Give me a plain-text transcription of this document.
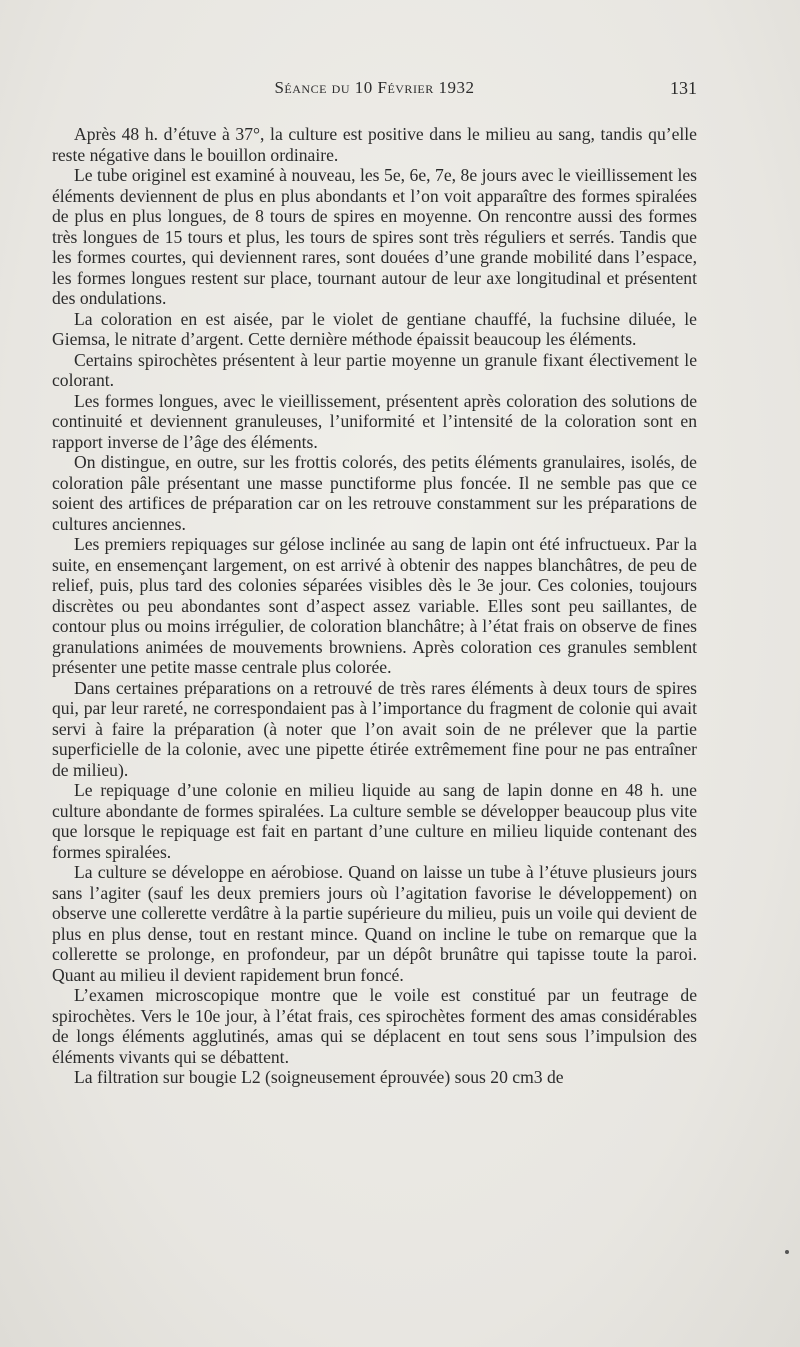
Séance du 10 Février 1932	131

Après 48 h. d’étuve à 37°, la culture est positive dans le milieu au sang, tandis qu’elle reste négative dans le bouillon ordinaire.

Le tube originel est examiné à nouveau, les 5e, 6e, 7e, 8e jours avec le vieillissement les éléments deviennent de plus en plus abondants et l’on voit apparaître des formes spiralées de plus en plus longues, de 8 tours de spires en moyenne. On rencontre aussi des formes très longues de 15 tours et plus, les tours de spires sont très réguliers et serrés. Tandis que les formes courtes, qui deviennent rares, sont douées d’une grande mobilité dans l’espace, les formes longues restent sur place, tournant autour de leur axe longitudinal et présentent des ondulations.

La coloration en est aisée, par le violet de gentiane chauffé, la fuchsine diluée, le Giemsa, le nitrate d’argent. Cette dernière méthode épaissit beaucoup les éléments.

Certains spirochètes présentent à leur partie moyenne un granule fixant électivement le colorant.

Les formes longues, avec le vieillissement, présentent après coloration des solutions de continuité et deviennent granuleuses, l’uniformité et l’intensité de la coloration sont en rapport inverse de l’âge des éléments.

On distingue, en outre, sur les frottis colorés, des petits éléments granulaires, isolés, de coloration pâle présentant une masse punctiforme plus foncée. Il ne semble pas que ce soient des artifices de préparation car on les retrouve constamment sur les préparations de cultures anciennes.

Les premiers repiquages sur gélose inclinée au sang de lapin ont été infructueux. Par la suite, en ensemençant largement, on est arrivé à obtenir des nappes blanchâtres, de peu de relief, puis, plus tard des colonies séparées visibles dès le 3e jour. Ces colonies, toujours discrètes ou peu abondantes sont d’aspect assez variable. Elles sont peu saillantes, de contour plus ou moins irrégulier, de coloration blanchâtre; à l’état frais on observe de fines granulations animées de mouvements browniens. Après coloration ces granules semblent présenter une petite masse centrale plus colorée.

Dans certaines préparations on a retrouvé de très rares éléments à deux tours de spires qui, par leur rareté, ne correspondaient pas à l’importance du fragment de colonie qui avait servi à faire la préparation (à noter que l’on avait soin de ne prélever que la partie superficielle de la colonie, avec une pipette étirée extrêmement fine pour ne pas entraîner de milieu).

Le repiquage d’une colonie en milieu liquide au sang de lapin donne en 48 h. une culture abondante de formes spiralées. La culture semble se développer beaucoup plus vite que lorsque le repiquage est fait en partant d’une culture en milieu liquide contenant des formes spiralées.

La culture se développe en aérobiose. Quand on laisse un tube à l’étuve plusieurs jours sans l’agiter (sauf les deux premiers jours où l’agitation favorise le développement) on observe une collerette verdâtre à la partie supérieure du milieu, puis un voile qui devient de plus en plus dense, tout en restant mince. Quand on incline le tube on remarque que la collerette se prolonge, en profondeur, par un dépôt brunâtre qui tapisse toute la paroi. Quant au milieu il devient rapidement brun foncé.

L’examen microscopique montre que le voile est constitué par un feutrage de spirochètes. Vers le 10e jour, à l’état frais, ces spirochètes forment des amas considérables de longs éléments agglutinés, amas qui se déplacent en tout sens sous l’impulsion des éléments vivants qui se débattent.

La filtration sur bougie L2 (soigneusement éprouvée) sous 20 cm3 de
